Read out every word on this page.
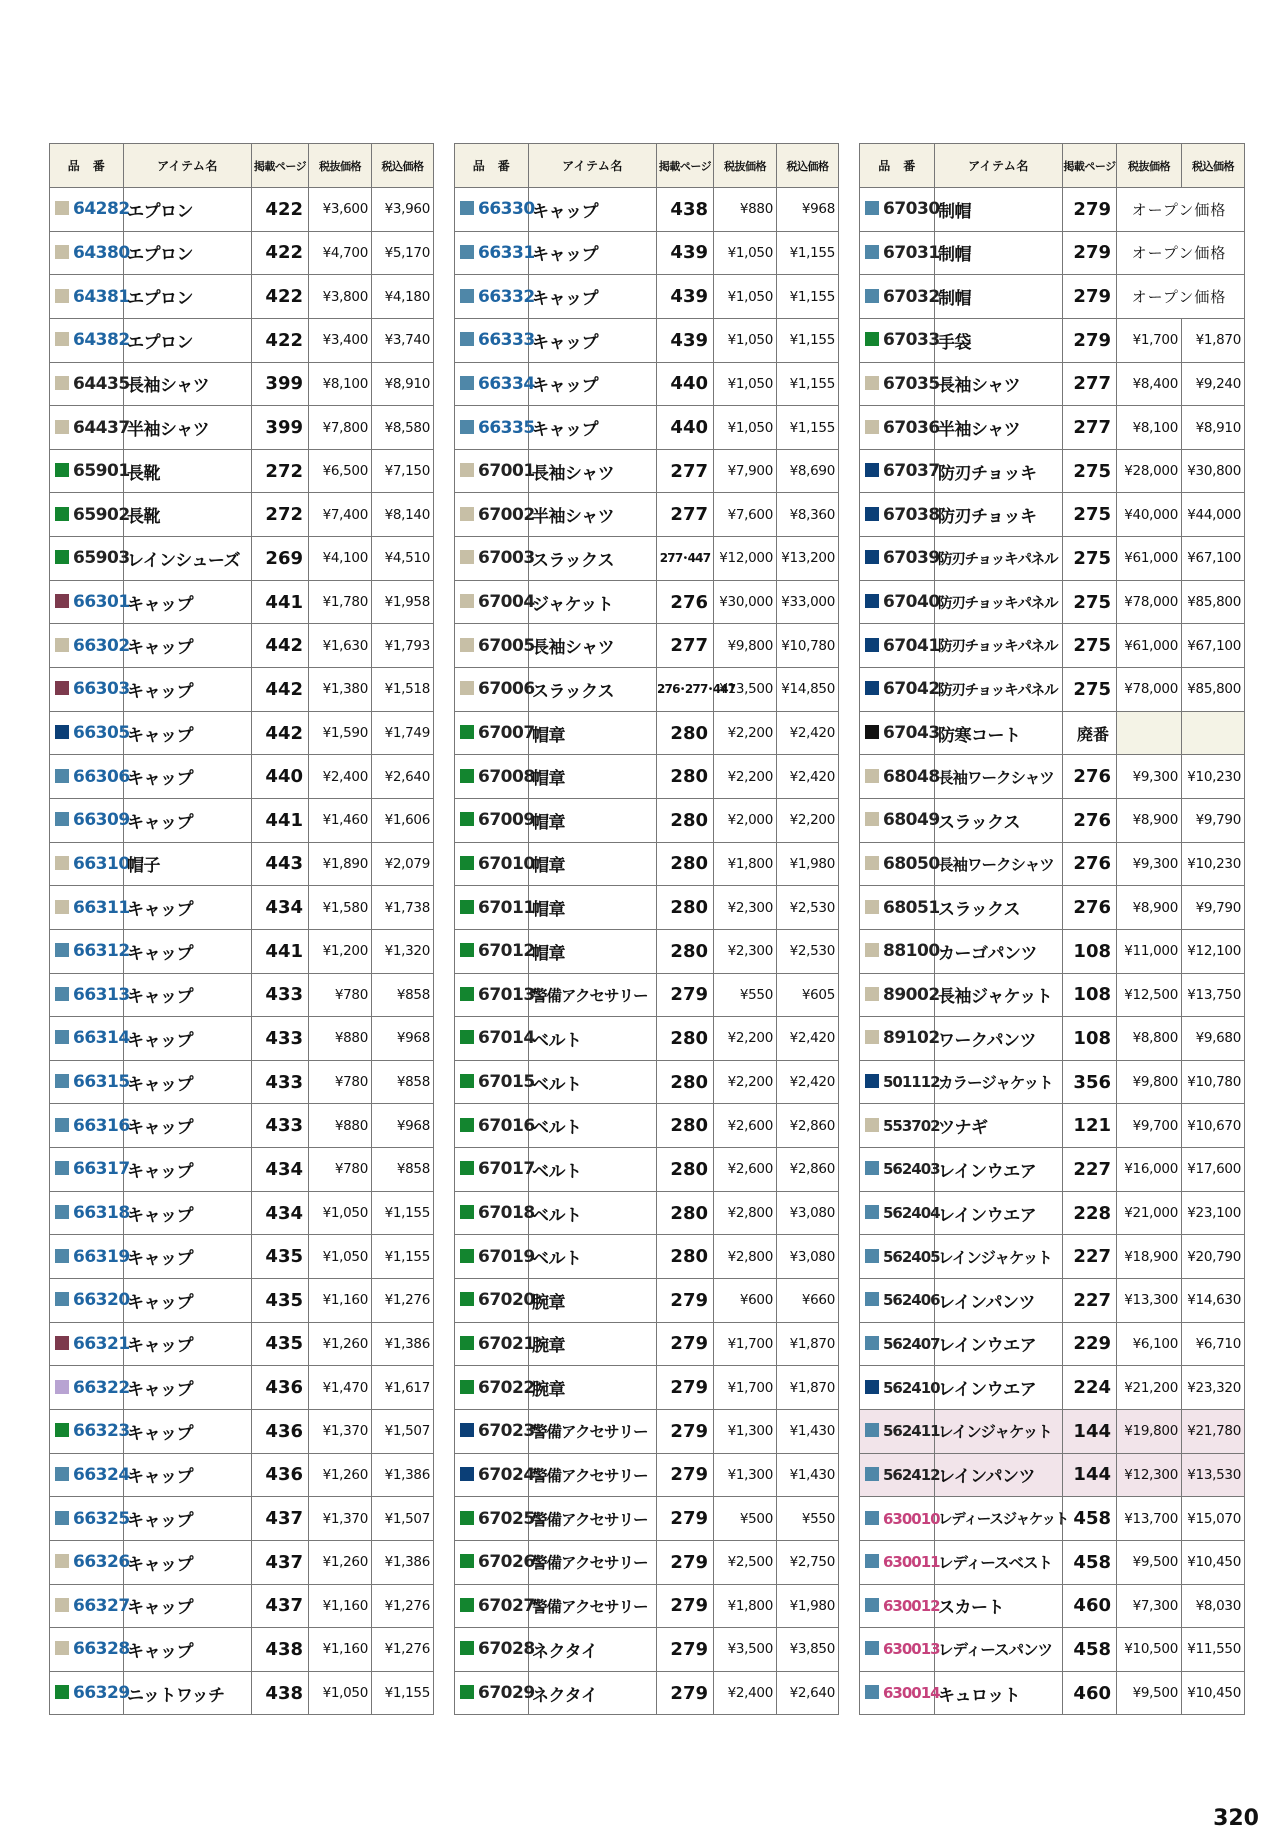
品　番	アイテム名	掲載ページ	税抜価格	税込価格
64282	エプロン	422	¥3,600	¥3,960
64380	エプロン	422	¥4,700	¥5,170
64381	エプロン	422	¥3,800	¥4,180
64382	エプロン	422	¥3,400	¥3,740
64435	長袖シャツ	399	¥8,100	¥8,910
64437	半袖シャツ	399	¥7,800	¥8,580
65901	長靴	272	¥6,500	¥7,150
65902	長靴	272	¥7,400	¥8,140
65903	レインシューズ	269	¥4,100	¥4,510
66301	キャップ	441	¥1,780	¥1,958
66302	キャップ	442	¥1,630	¥1,793
66303	キャップ	442	¥1,380	¥1,518
66305	キャップ	442	¥1,590	¥1,749
66306	キャップ	440	¥2,400	¥2,640
66309	キャップ	441	¥1,460	¥1,606
66310	帽子	443	¥1,890	¥2,079
66311	キャップ	434	¥1,580	¥1,738
66312	キャップ	441	¥1,200	¥1,320
66313	キャップ	433	¥780	¥858
66314	キャップ	433	¥880	¥968
66315	キャップ	433	¥780	¥858
66316	キャップ	433	¥880	¥968
66317	キャップ	434	¥780	¥858
66318	キャップ	434	¥1,050	¥1,155
66319	キャップ	435	¥1,050	¥1,155
66320	キャップ	435	¥1,160	¥1,276
66321	キャップ	435	¥1,260	¥1,386
66322	キャップ	436	¥1,470	¥1,617
66323	キャップ	436	¥1,370	¥1,507
66324	キャップ	436	¥1,260	¥1,386
66325	キャップ	437	¥1,370	¥1,507
66326	キャップ	437	¥1,260	¥1,386
66327	キャップ	437	¥1,160	¥1,276
66328	キャップ	438	¥1,160	¥1,276
66329	ニットワッチ	438	¥1,050	¥1,155
品　番	アイテム名	掲載ページ	税抜価格	税込価格
66330	キャップ	438	¥880	¥968
66331	キャップ	439	¥1,050	¥1,155
66332	キャップ	439	¥1,050	¥1,155
66333	キャップ	439	¥1,050	¥1,155
66334	キャップ	440	¥1,050	¥1,155
66335	キャップ	440	¥1,050	¥1,155
67001	長袖シャツ	277	¥7,900	¥8,690
67002	半袖シャツ	277	¥7,600	¥8,360
67003	スラックス	277･447	¥12,000	¥13,200
67004	ジャケット	276	¥30,000	¥33,000
67005	長袖シャツ	277	¥9,800	¥10,780
67006	スラックス	276･277･447	¥13,500	¥14,850
67007	帽章	280	¥2,200	¥2,420
67008	帽章	280	¥2,200	¥2,420
67009	帽章	280	¥2,000	¥2,200
67010	帽章	280	¥1,800	¥1,980
67011	帽章	280	¥2,300	¥2,530
67012	帽章	280	¥2,300	¥2,530
67013	警備アクセサリー	279	¥550	¥605
67014	ベルト	280	¥2,200	¥2,420
67015	ベルト	280	¥2,200	¥2,420
67016	ベルト	280	¥2,600	¥2,860
67017	ベルト	280	¥2,600	¥2,860
67018	ベルト	280	¥2,800	¥3,080
67019	ベルト	280	¥2,800	¥3,080
67020	腕章	279	¥600	¥660
67021	腕章	279	¥1,700	¥1,870
67022	腕章	279	¥1,700	¥1,870
67023	警備アクセサリー	279	¥1,300	¥1,430
67024	警備アクセサリー	279	¥1,300	¥1,430
67025	警備アクセサリー	279	¥500	¥550
67026	警備アクセサリー	279	¥2,500	¥2,750
67027	警備アクセサリー	279	¥1,800	¥1,980
67028	ネクタイ	279	¥3,500	¥3,850
67029	ネクタイ	279	¥2,400	¥2,640
品　番	アイテム名	掲載ページ	税抜価格	税込価格
67030	制帽	279	オープン価格	
67031	制帽	279	オープン価格	
67032	制帽	279	オープン価格	
67033	手袋	279	¥1,700	¥1,870
67035	長袖シャツ	277	¥8,400	¥9,240
67036	半袖シャツ	277	¥8,100	¥8,910
67037	防刃チョッキ	275	¥28,000	¥30,800
67038	防刃チョッキ	275	¥40,000	¥44,000
67039	防刃チョッキパネル	275	¥61,000	¥67,100
67040	防刃チョッキパネル	275	¥78,000	¥85,800
67041	防刃チョッキパネル	275	¥61,000	¥67,100
67042	防刃チョッキパネル	275	¥78,000	¥85,800
67043	防寒コート	廃番		
68048	長袖ワークシャツ	276	¥9,300	¥10,230
68049	スラックス	276	¥8,900	¥9,790
68050	長袖ワークシャツ	276	¥9,300	¥10,230
68051	スラックス	276	¥8,900	¥9,790
88100	カーゴパンツ	108	¥11,000	¥12,100
89002	長袖ジャケット	108	¥12,500	¥13,750
89102	ワークパンツ	108	¥8,800	¥9,680
501112	カラージャケット	356	¥9,800	¥10,780
553702	ツナギ	121	¥9,700	¥10,670
562403	レインウエア	227	¥16,000	¥17,600
562404	レインウエア	228	¥21,000	¥23,100
562405	レインジャケット	227	¥18,900	¥20,790
562406	レインパンツ	227	¥13,300	¥14,630
562407	レインウエア	229	¥6,100	¥6,710
562410	レインウエア	224	¥21,200	¥23,320
562411	レインジャケット	144	¥19,800	¥21,780
562412	レインパンツ	144	¥12,300	¥13,530
630010	レディースジャケット	458	¥13,700	¥15,070
630011	レディースベスト	458	¥9,500	¥10,450
630012	スカート	460	¥7,300	¥8,030
630013	レディースパンツ	458	¥10,500	¥11,550
630014	キュロット	460	¥9,500	¥10,450
320
